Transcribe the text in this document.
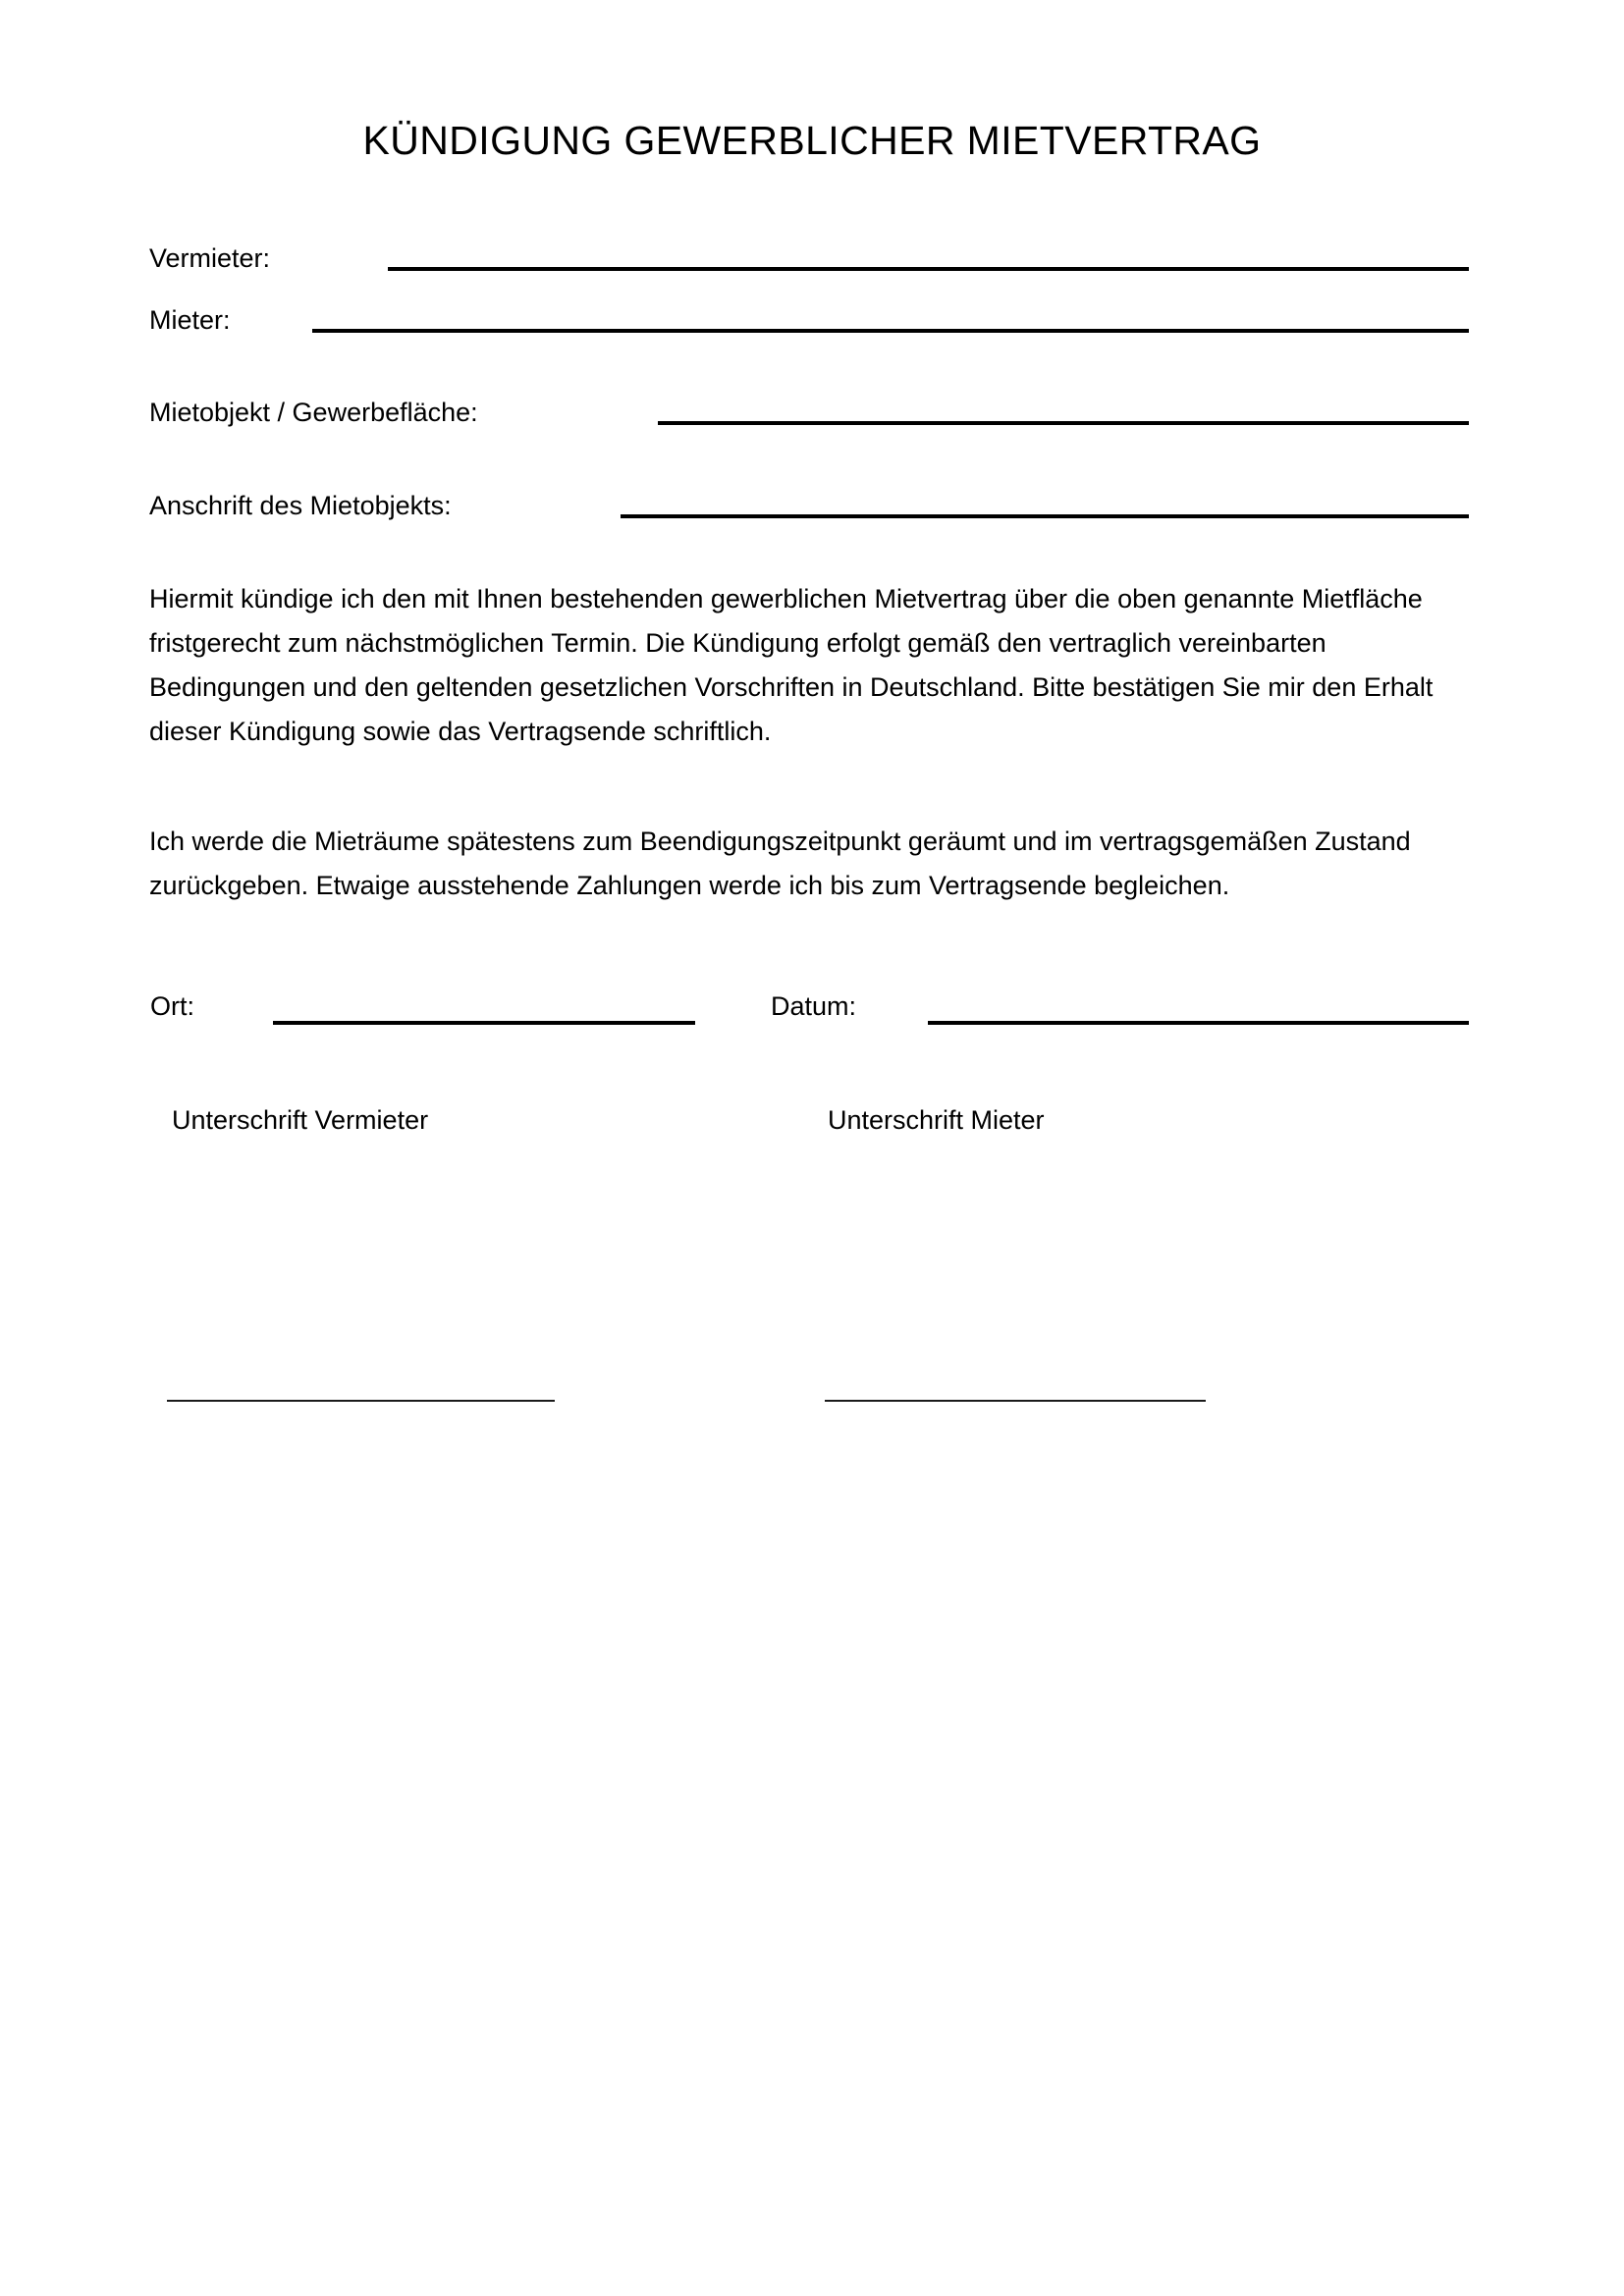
KÜNDIGUNG GEWERBLICHER MIETVERTRAG
Vermieter:
Mieter:
Mietobjekt / Gewerbefläche:
Anschrift des Mietobjekts:
Hiermit kündige ich den mit Ihnen bestehenden gewerblichen Mietvertrag über die oben genannte Mietfläche fristgerecht zum nächstmöglichen Termin. Die Kündigung erfolgt gemäß den vertraglich vereinbarten Bedingungen und den geltenden gesetzlichen Vorschriften in Deutschland. Bitte bestätigen Sie mir den Erhalt dieser Kündigung sowie das Vertragsende schriftlich.
Ich werde die Mieträume spätestens zum Beendigungszeitpunkt geräumt und im vertragsgemäßen Zustand zurückgeben. Etwaige ausstehende Zahlungen werde ich bis zum Vertragsende begleichen.
Ort:	Datum:
Unterschrift Vermieter	Unterschrift Mieter
